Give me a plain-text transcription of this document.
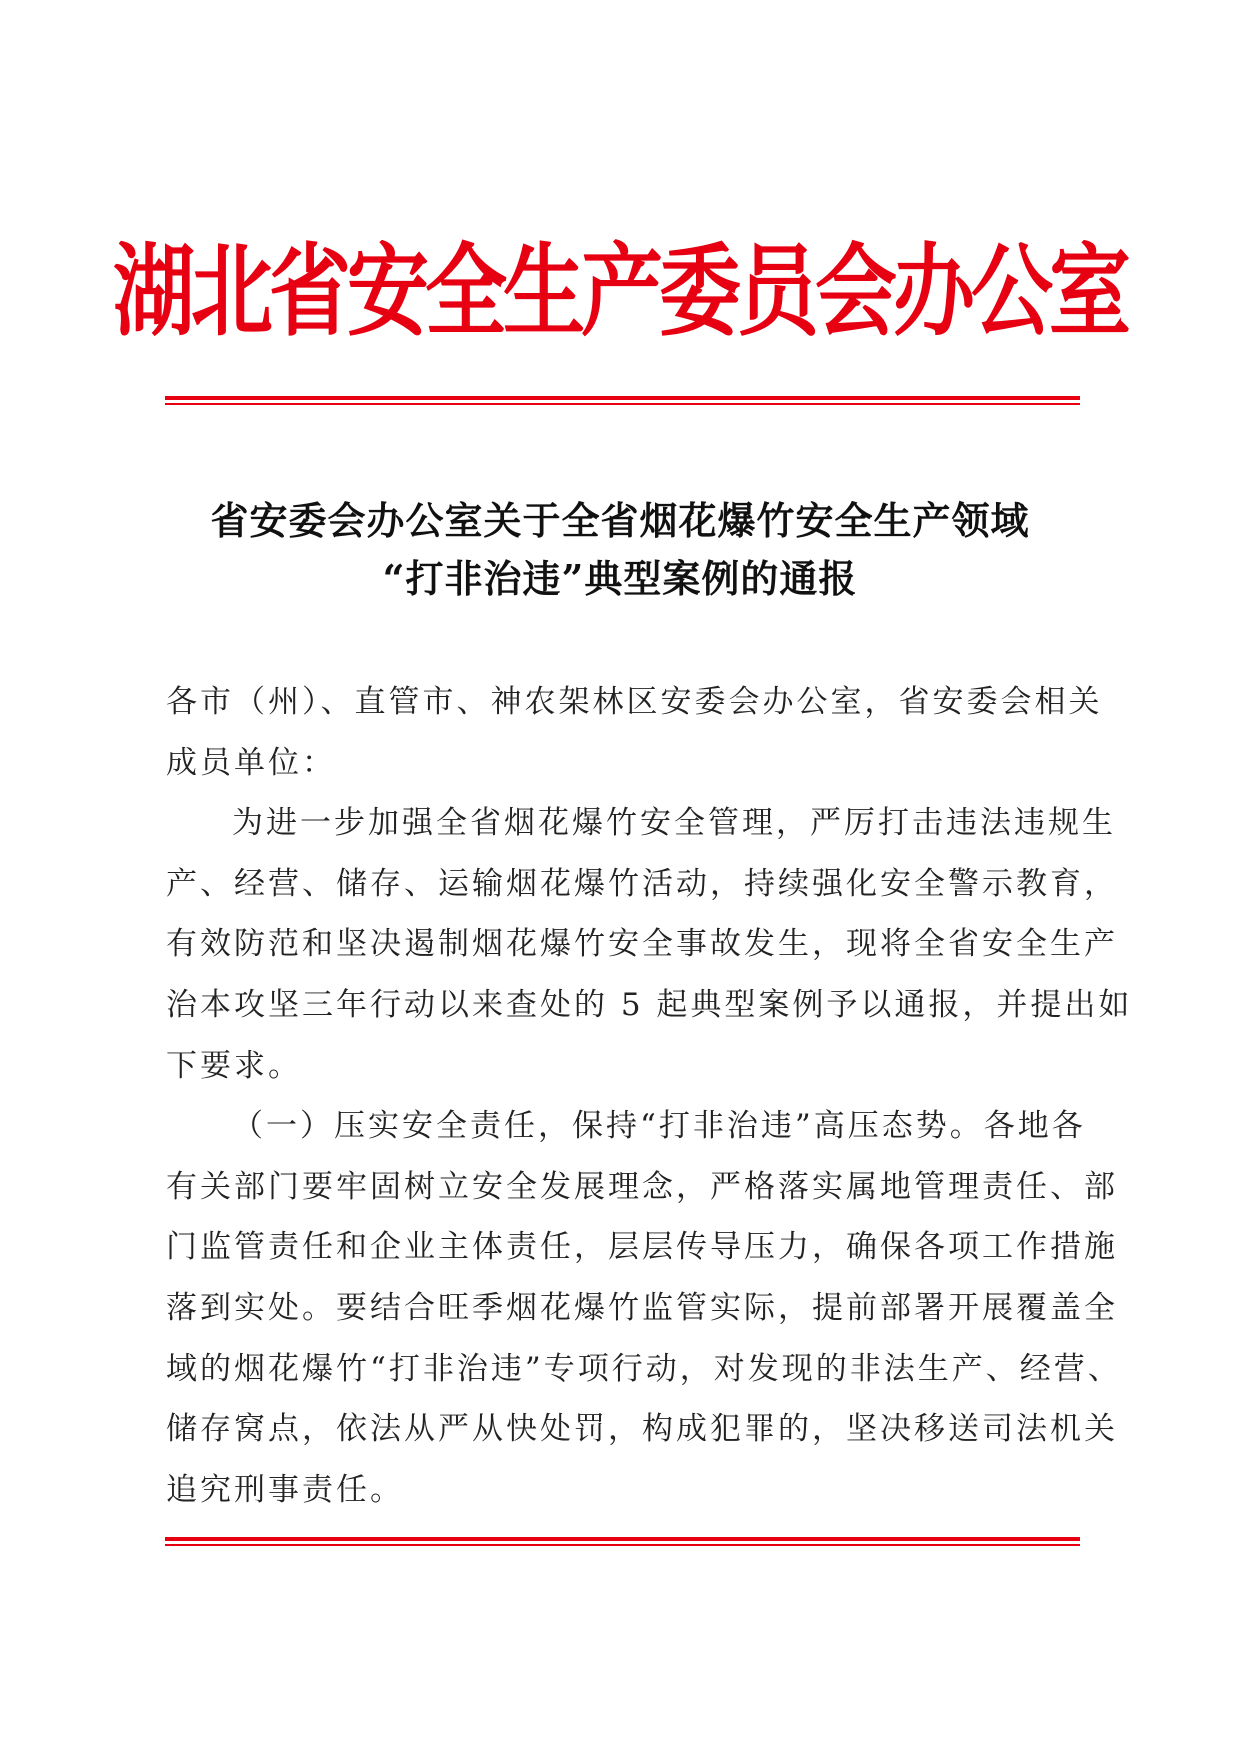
湖北省安全生产委员会办公室
省安委会办公室关于全省烟花爆竹安全生产领域
“打非治违”典型案例的通报
各市（州）、直管市、神农架林区安委会办公室，省安委会相关
成员单位：
为进一步加强全省烟花爆竹安全管理，严厉打击违法违规生
产、经营、储存、运输烟花爆竹活动，持续强化安全警示教育，
有效防范和坚决遏制烟花爆竹安全事故发生，现将全省安全生产
治本攻坚三年行动以来查处的 5 起典型案例予以通报，并提出如
下要求。
（一）压实安全责任，保持“打非治违”高压态势。各地各
有关部门要牢固树立安全发展理念，严格落实属地管理责任、部
门监管责任和企业主体责任，层层传导压力，确保各项工作措施
落到实处。要结合旺季烟花爆竹监管实际，提前部署开展覆盖全
域的烟花爆竹“打非治违”专项行动，对发现的非法生产、经营、
储存窝点，依法从严从快处罚，构成犯罪的，坚决移送司法机关
追究刑事责任。
